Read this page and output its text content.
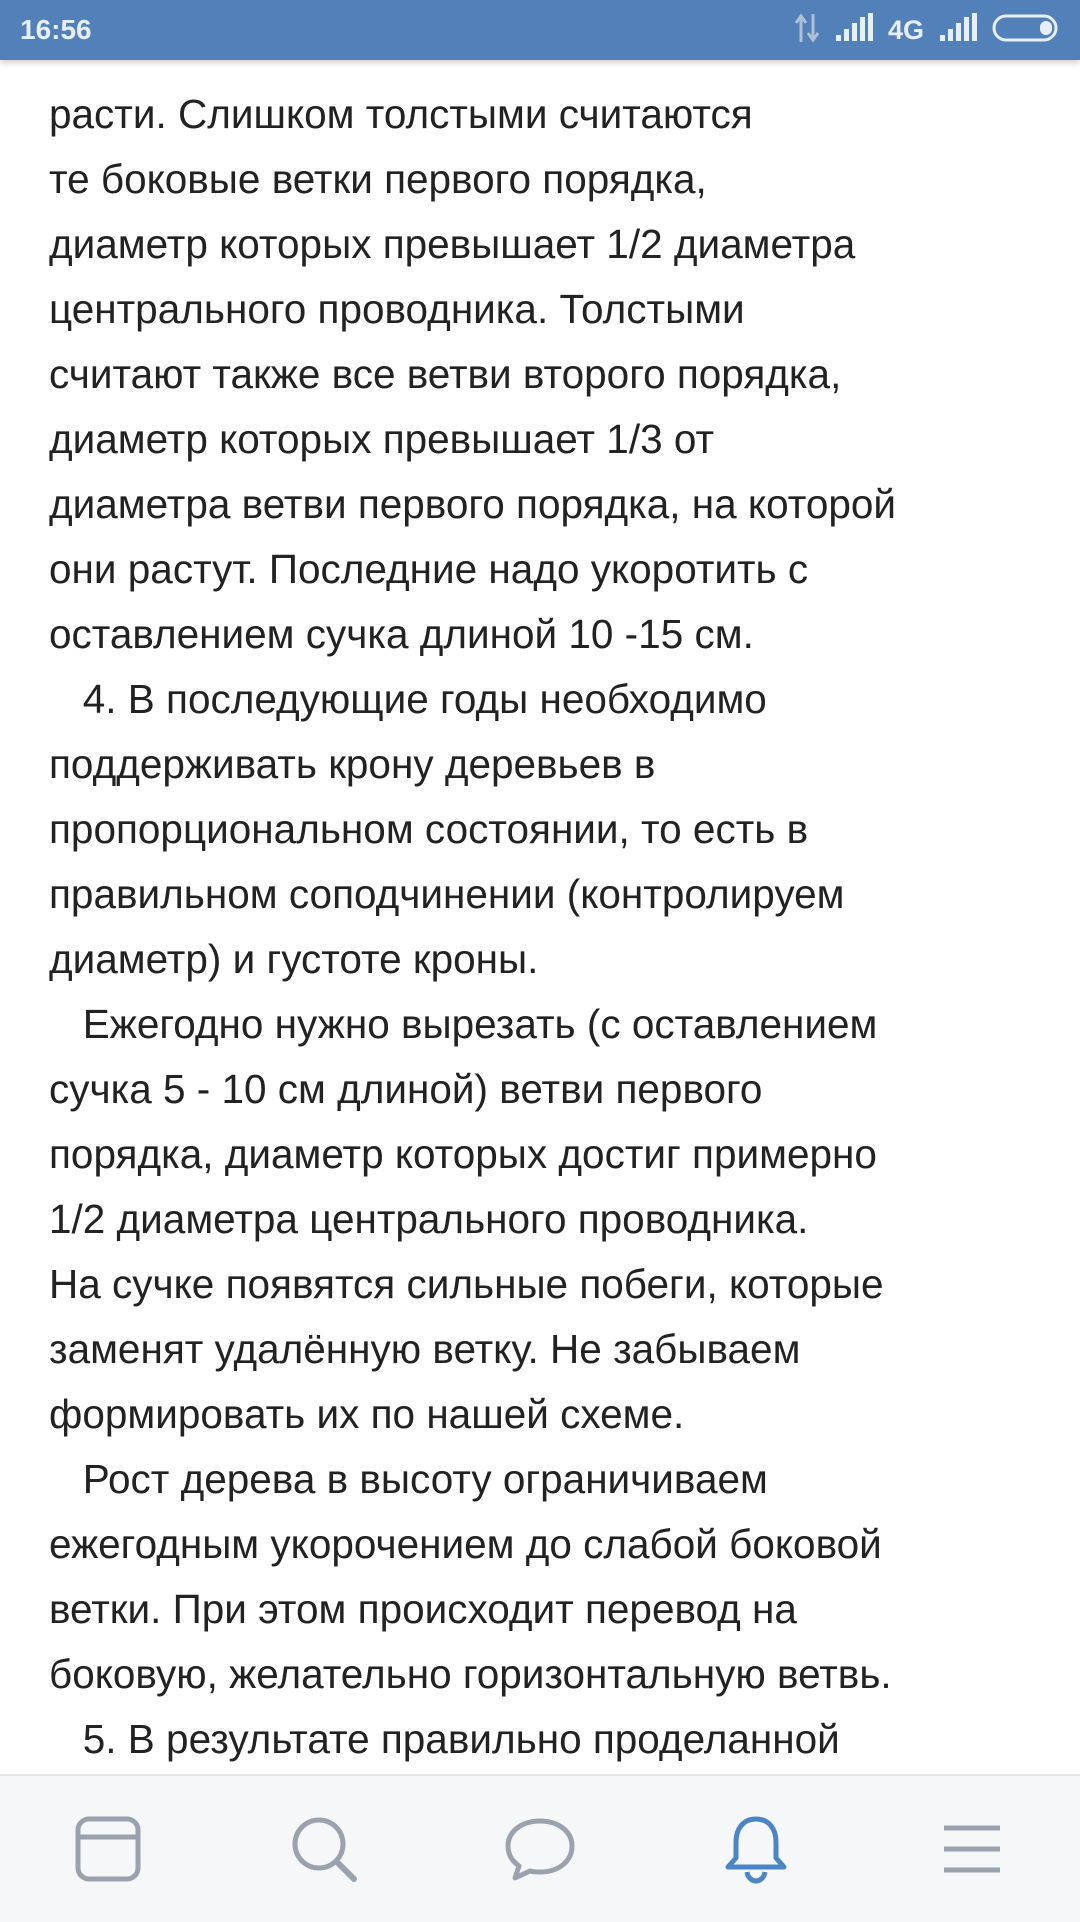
16:56	4G
расти. Слишком толстыми считаются
те боковые ветки первого порядка,
диаметр которых превышает 1/2 диаметра
центрального проводника. Толстыми
считают также все ветви второго порядка,
диаметр которых превышает 1/3 от
диаметра ветви первого порядка, на которой
они растут. Последние надо укоротить с
оставлением сучка длиной 10 -15 см.
4. В последующие годы необходимо
поддерживать крону деревьев в
пропорциональном состоянии, то есть в
правильном соподчинении (контролируем
диаметр) и густоте кроны.
Ежегодно нужно вырезать (с оставлением
сучка 5 - 10 см длиной) ветви первого
порядка, диаметр которых достиг примерно
1/2 диаметра центрального проводника.
На сучке появятся сильные побеги, которые
заменят удалённую ветку. Не забываем
формировать их по нашей схеме.
Рост дерева в высоту ограничиваем
ежегодным укорочением до слабой боковой
ветки. При этом происходит перевод на
боковую, желательно горизонтальную ветвь.
5. В результате правильно проделанной
